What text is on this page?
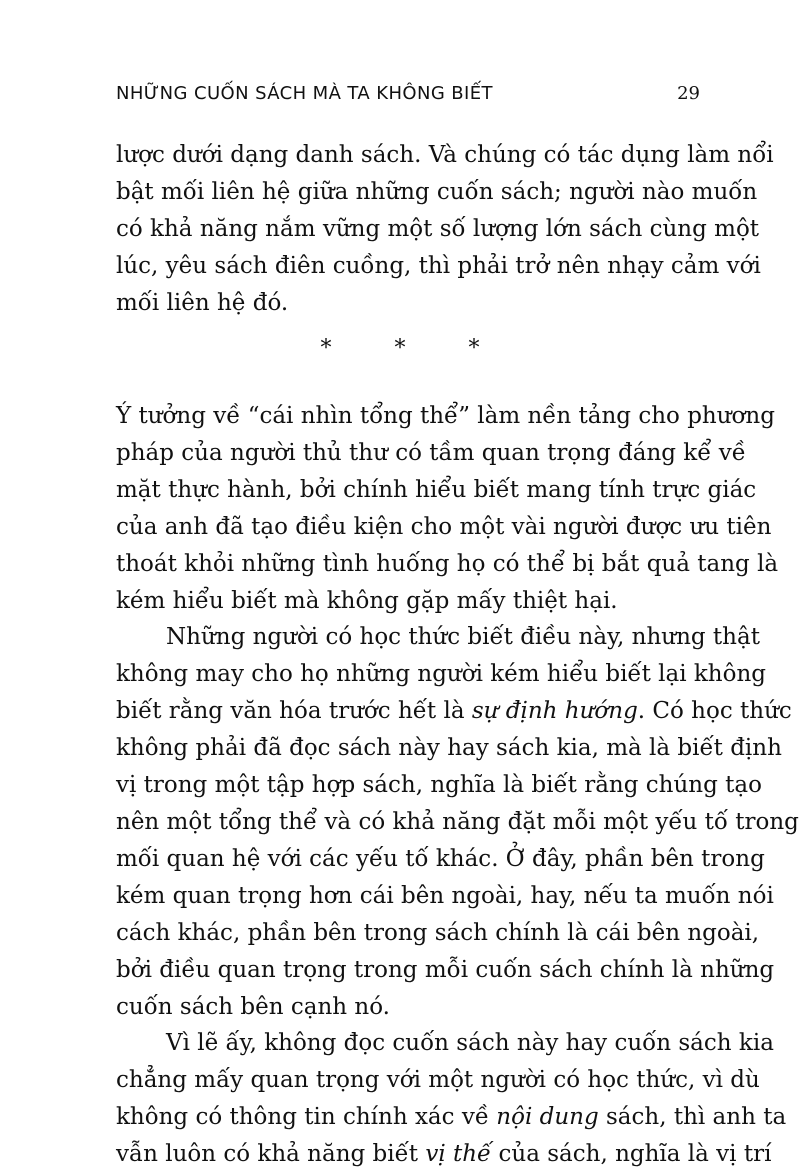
NHỮNG CUỐN SÁCH MÀ TA KHÔNG BIẾT	29
lược dưới dạng danh sách. Và chúng có tác dụng làm nổi
bật mối liên hệ giữa những cuốn sách; người nào muốn
có khả năng nắm vững một số lượng lớn sách cùng một
lúc, yêu sách điên cuồng, thì phải trở nên nhạy cảm với
mối liên hệ đó.
* * *
Ý tưởng về “cái nhìn tổng thể” làm nền tảng cho phương
pháp của người thủ thư có tầm quan trọng đáng kể về
mặt thực hành, bởi chính hiểu biết mang tính trực giác
của anh đã tạo điều kiện cho một vài người được ưu tiên
thoát khỏi những tình huống họ có thể bị bắt quả tang là
kém hiểu biết mà không gặp mấy thiệt hại.
Những người có học thức biết điều này, nhưng thật
không may cho họ những người kém hiểu biết lại không
biết rằng văn hóa trước hết là sự định hướng. Có học thức
không phải đã đọc sách này hay sách kia, mà là biết định
vị trong một tập hợp sách, nghĩa là biết rằng chúng tạo
nên một tổng thể và có khả năng đặt mỗi một yếu tố trong
mối quan hệ với các yếu tố khác. Ở đây, phần bên trong
kém quan trọng hơn cái bên ngoài, hay, nếu ta muốn nói
cách khác, phần bên trong sách chính là cái bên ngoài,
bởi điều quan trọng trong mỗi cuốn sách chính là những
cuốn sách bên cạnh nó.
Vì lẽ ấy, không đọc cuốn sách này hay cuốn sách kia
chẳng mấy quan trọng với một người có học thức, vì dù
không có thông tin chính xác về nội dung sách, thì anh ta
vẫn luôn có khả năng biết vị thế của sách, nghĩa là vị trí
